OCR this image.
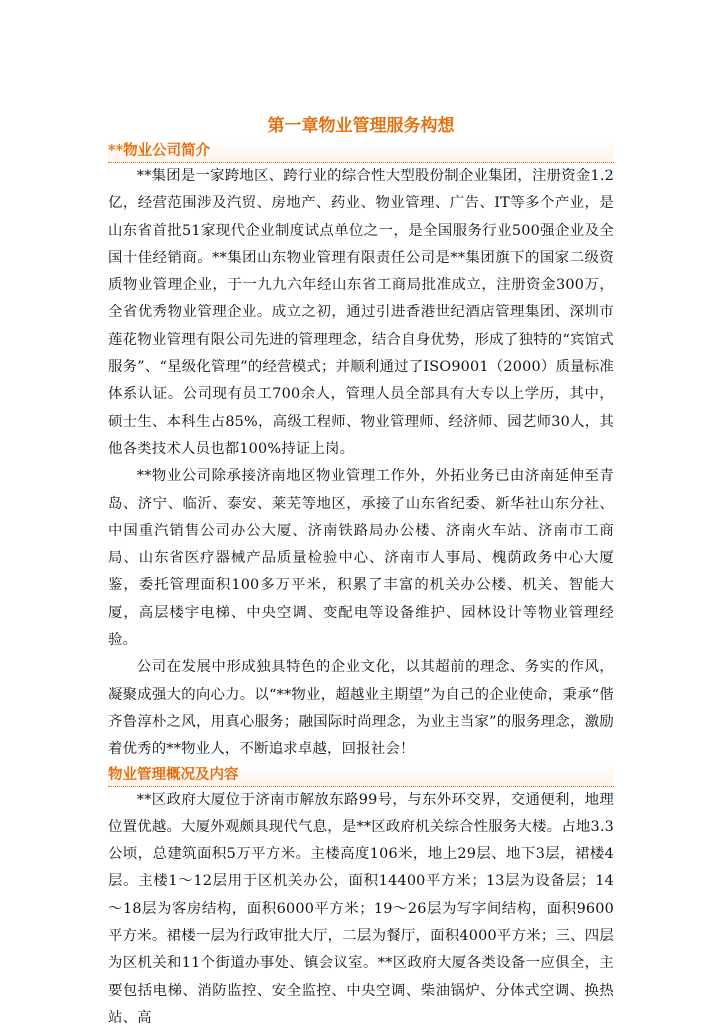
第一章物业管理服务构想
**物业公司简介

**集团是一家跨地区、跨行业的综合性大型股份制企业集团，注册资金1.2亿，经营范围涉及汽贸、房地产、药业、物业管理、广告、IT等多个产业，是山东省首批51家现代企业制度试点单位之一，是全国服务行业500强企业及全国十佳经销商。**集团山东物业管理有限责任公司是**集团旗下的国家二级资质物业管理企业，于一九九六年经山东省工商局批准成立，注册资金300万，全省优秀物业管理企业。成立之初，通过引进香港世纪酒店管理集团、深圳市莲花物业管理有限公司先进的管理理念，结合自身优势，形成了独特的“宾馆式服务”、“星级化管理”的经营模式；并顺利通过了ISO9001（2000）质量标准体系认证。公司现有员工700余人，管理人员全部具有大专以上学历，其中，硕士生、本科生占85%，高级工程师、物业管理师、经济师、园艺师30人，其他各类技术人员也都100%持证上岗。

**物业公司除承接济南地区物业管理工作外，外拓业务已由济南延伸至青岛、济宁、临沂、泰安、莱芜等地区，承接了山东省纪委、新华社山东分社、中国重汽销售公司办公大厦、济南铁路局办公楼、济南火车站、济南市工商局、山东省医疗器械产品质量检验中心、济南市人事局、槐荫政务中心大厦鉴，委托管理面积100多万平米，积累了丰富的机关办公楼、机关、智能大厦，高层楼宇电梯、中央空调、变配电等设备维护、园林设计等物业管理经验。

公司在发展中形成独具特色的企业文化，以其超前的理念、务实的作风，凝聚成强大的向心力。以“**物业，超越业主期望”为自己的企业使命，秉承“偕齐鲁淳朴之风，用真心服务；融国际时尚理念，为业主当家”的服务理念，激励着优秀的**物业人，不断追求卓越，回报社会！

物业管理概况及内容

**区政府大厦位于济南市解放东路99号，与东外环交界，交通便利，地理位置优越。大厦外观颇具现代气息，是**区政府机关综合性服务大楼。占地3.3公顷，总建筑面积5万平方米。主楼高度106米，地上29层、地下3层，裙楼4层。主楼1～12层用于区机关办公，面积14400平方米；13层为设备层；14～18层为客房结构，面积6000平方米；19～26层为写字间结构，面积9600平方米。裙楼一层为行政审批大厅，二层为餐厅，面积4000平方米；三、四层为区机关和11个街道办事处、镇会议室。**区政府大厦各类设备一应俱全，主要包括电梯、消防监控、安全监控、中央空调、柴油锅炉、分体式空调、换热站、高
